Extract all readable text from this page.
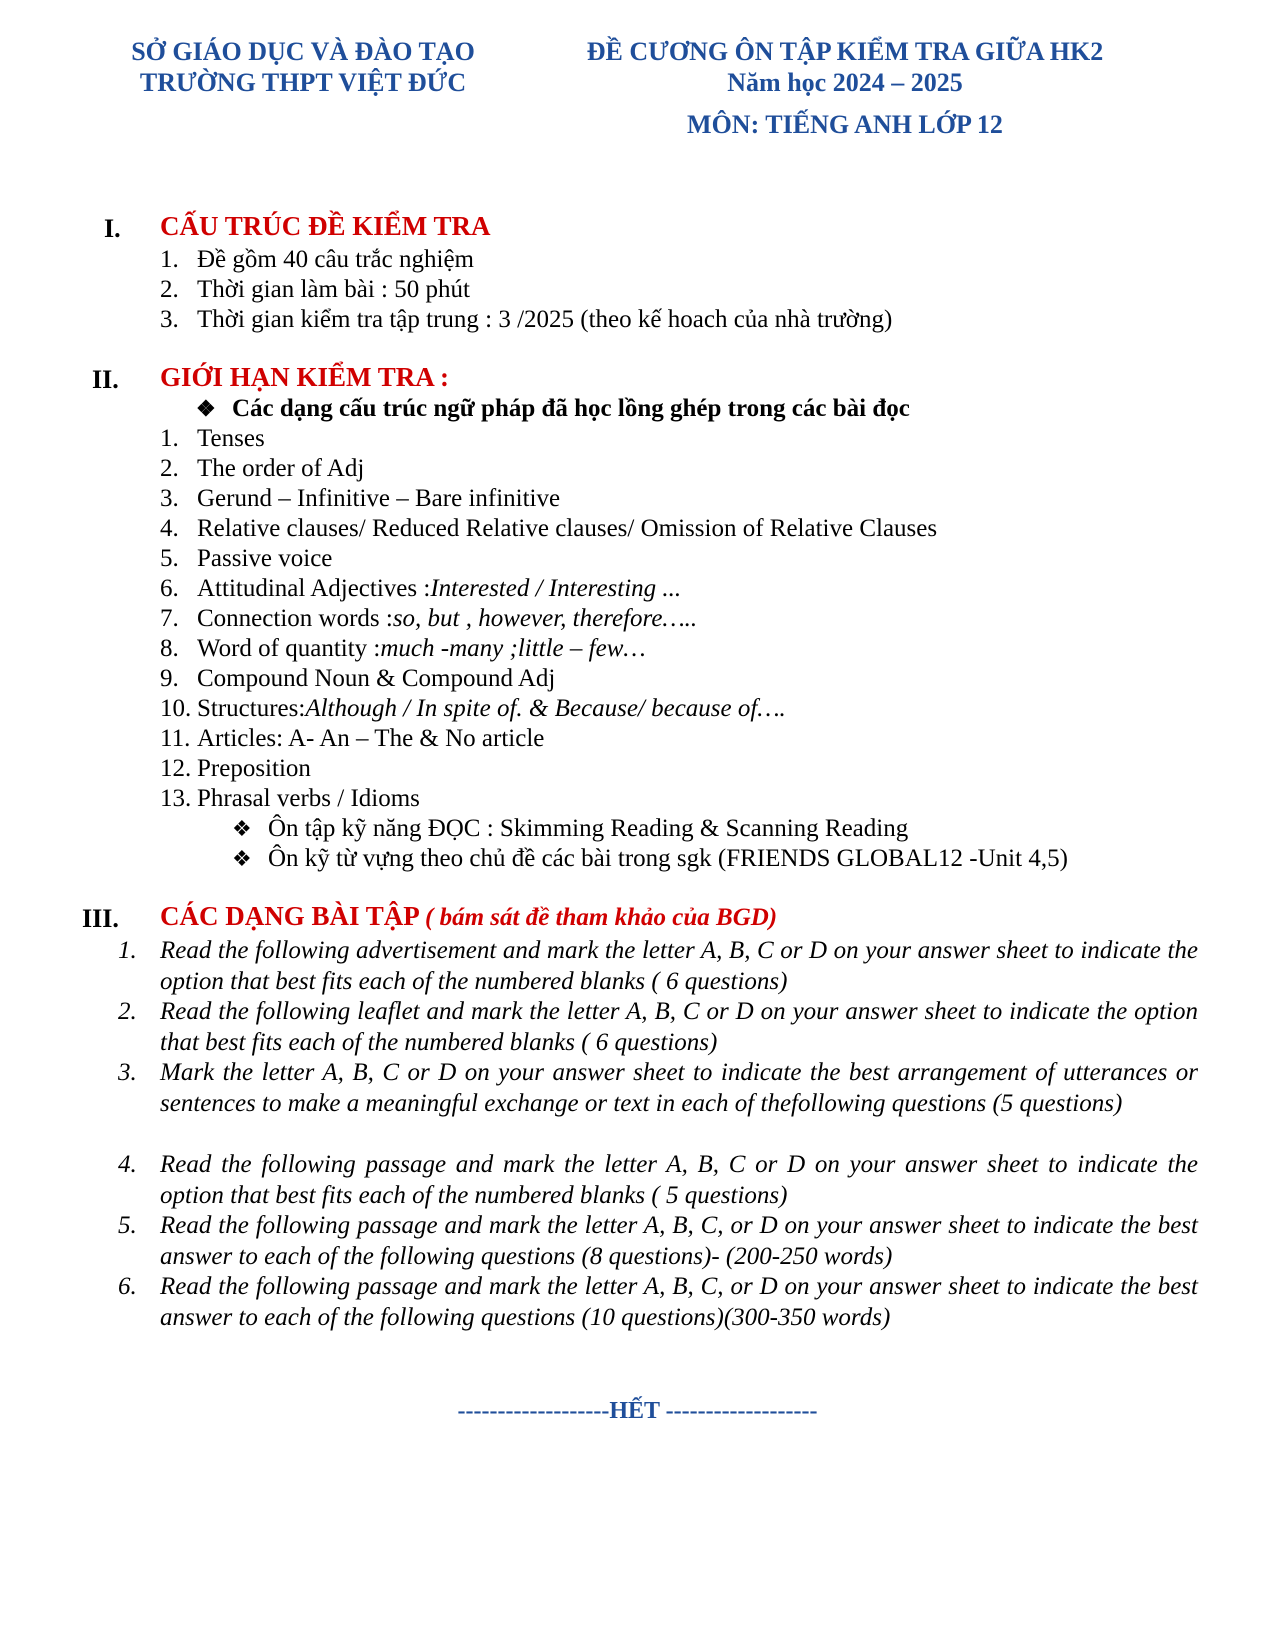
SỞ GIÁO DỤC VÀ ĐÀO TẠO
TRƯỜNG THPT VIỆT ĐỨC
ĐỀ CƯƠNG ÔN TẬP KIỂM TRA GIỮA HK2
Năm học 2024 – 2025
MÔN: TIẾNG ANH LỚP 12
I. CẤU TRÚC ĐỀ KIỂM TRA
1. Đề gồm 40 câu trắc nghiệm
2. Thời gian làm bài : 50 phút
3. Thời gian kiểm tra tập trung : 3 /2025 (theo kế hoach của nhà trường)
II. GIỚI HẠN KIỂM TRA :
❖ Các dạng cấu trúc ngữ pháp đã học lồng ghép trong các bài đọc
1. Tenses
2. The order of Adj
3. Gerund – Infinitive – Bare infinitive
4. Relative clauses/ Reduced Relative clauses/ Omission of Relative Clauses
5. Passive voice
6. Attitudinal Adjectives :Interested / Interesting ...
7. Connection words :so, but , however, therefore…..
8. Word of quantity :much -many ;little – few…
9. Compound Noun & Compound Adj
10. Structures:Although / In spite of. & Because/ because of….
11. Articles: A- An – The & No article
12. Preposition
13. Phrasal verbs / Idioms
❖ Ôn tập kỹ năng ĐỌC : Skimming Reading & Scanning Reading
❖ Ôn kỹ từ vựng theo chủ đề các bài trong sgk (FRIENDS GLOBAL12 -Unit 4,5)
III. CÁC DẠNG BÀI TẬP ( bám sát đề tham khảo của BGD)
1. Read the following advertisement and mark the letter A, B, C or D on your answer sheet to indicate the option that best fits each of the numbered blanks ( 6 questions)
2. Read the following leaflet and mark the letter A, B, C or D on your answer sheet to indicate the option that best fits each of the numbered blanks ( 6 questions)
3. Mark the letter A, B, C or D on your answer sheet to indicate the best arrangement of utterances or sentences to make a meaningful exchange or text in each of thefollowing questions (5 questions)
4. Read the following passage and mark the letter A, B, C or D on your answer sheet to indicate the option that best fits each of the numbered blanks ( 5 questions)
5. Read the following passage and mark the letter A, B, C, or D on your answer sheet to indicate the best answer to each of the following questions (8 questions)- (200-250 words)
6. Read the following passage and mark the letter A, B, C, or D on your answer sheet to indicate the best answer to each of the following questions (10 questions)(300-350 words)
-------------------HẾT -------------------
